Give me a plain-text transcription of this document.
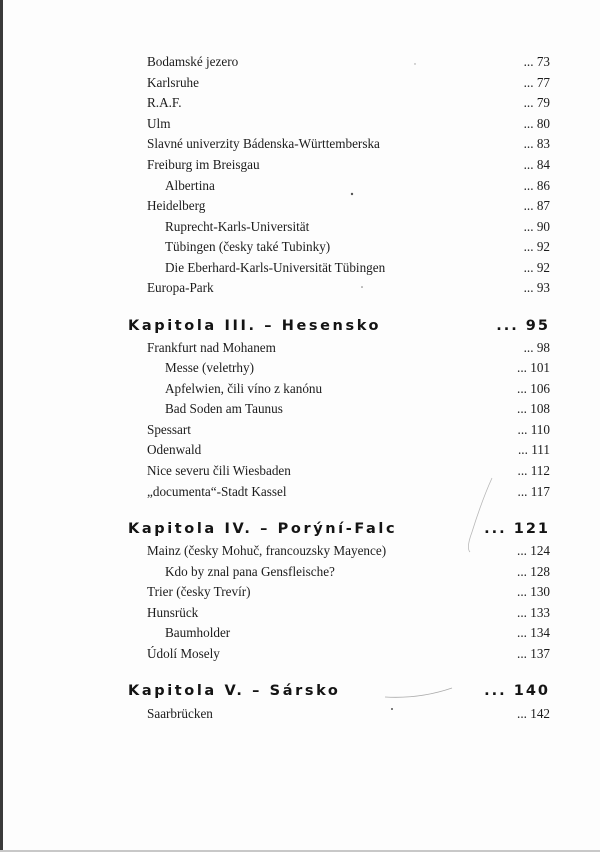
Bodamské jezero	... 73
Karlsruhe	... 77
R.A.F.	... 79
Ulm	... 80
Slavné univerzity Bádenska-Württemberska	... 83
Freiburg im Breisgau	... 84
Albertina	... 86
Heidelberg	... 87
Ruprecht-Karls-Universität	... 90
Tübingen (česky také Tubinky)	... 92
Die Eberhard-Karls-Universität Tübingen	... 92
Europa-Park	... 93
Kapitola III. – Hesensko	... 95
Frankfurt nad Mohanem	... 98
Messe (veletrhy)	... 101
Apfelwien, čili víno z kanónu	... 106
Bad Soden am Taunus	... 108
Spessart	... 110
Odenwald	... 111
Nice severu čili Wiesbaden	... 112
„documenta“-Stadt Kassel	... 117
Kapitola IV. – Porýní-Falc	... 121
Mainz (česky Mohuč, francouzsky Mayence)	... 124
Kdo by znal pana Gensfleische?	... 128
Trier (česky Trevír)	... 130
Hunsrück	... 133
Baumholder	... 134
Údolí Mosely	... 137
Kapitola V. – Sársko	... 140
Saarbrücken	... 142
